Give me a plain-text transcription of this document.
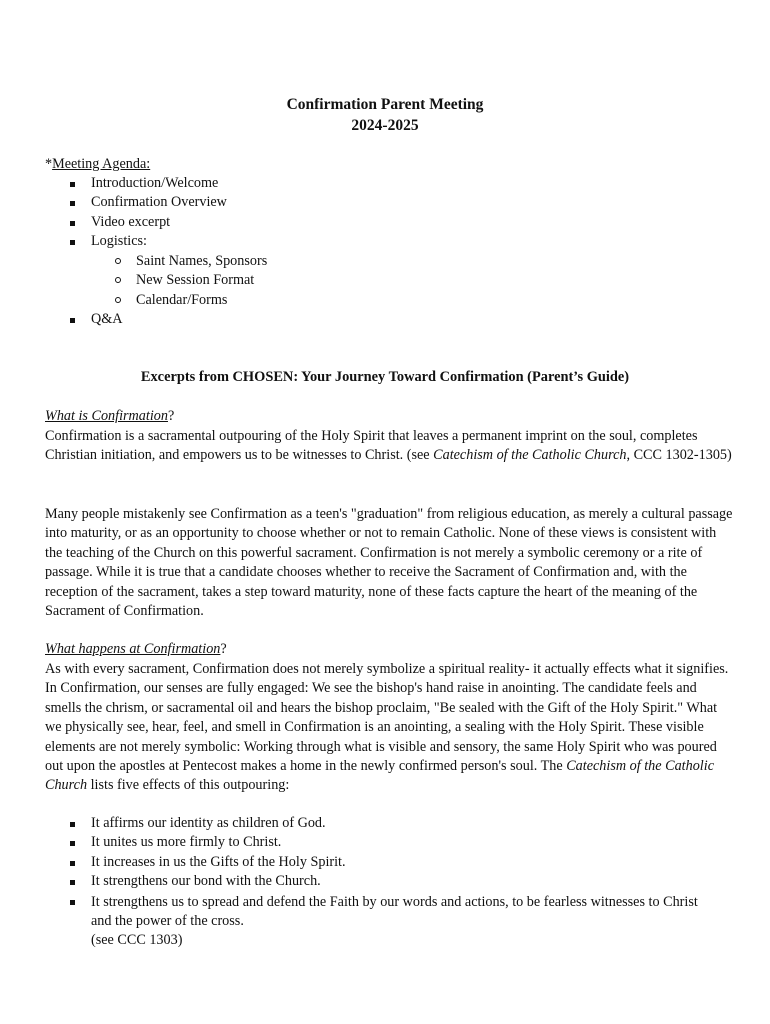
Confirmation Parent Meeting
2024-2025
*Meeting Agenda:
Introduction/Welcome
Confirmation Overview
Video excerpt
Logistics:
Saint Names, Sponsors
New Session Format
Calendar/Forms
Q&A
Excerpts from CHOSEN: Your Journey Toward Confirmation (Parent’s Guide)
What is Confirmation?
Confirmation is a sacramental outpouring of the Holy Spirit that leaves a permanent imprint on the soul, completes Christian initiation, and empowers us to be witnesses to Christ. (see Catechism of the Catholic Church, CCC 1302-1305)
Many people mistakenly see Confirmation as a teen's "graduation" from religious education, as merely a cultural passage into maturity, or as an opportunity to choose whether or not to remain Catholic. None of these views is consistent with the teaching of the Church on this powerful sacrament. Confirmation is not merely a symbolic ceremony or a rite of passage. While it is true that a candidate chooses whether to receive the Sacrament of Confirmation and, with the reception of the sacrament, takes a step toward maturity, none of these facts capture the heart of the meaning of the Sacrament of Confirmation.
What happens at Confirmation?
As with every sacrament, Confirmation does not merely symbolize a spiritual reality- it actually effects what it signifies. In Confirmation, our senses are fully engaged: We see the bishop's hand raise in anointing. The candidate feels and smells the chrism, or sacramental oil and hears the bishop proclaim, "Be sealed with the Gift of the Holy Spirit." What we physically see, hear, feel, and smell in Confirmation is an anointing, a sealing with the Holy Spirit. These visible elements are not merely symbolic: Working through what is visible and sensory, the same Holy Spirit who was poured out upon the apostles at Pentecost makes a home in the newly confirmed person's soul. The Catechism of the Catholic Church lists five effects of this outpouring:
It affirms our identity as children of God.
It unites us more firmly to Christ.
It increases in us the Gifts of the Holy Spirit.
It strengthens our bond with the Church.
It strengthens us to spread and defend the Faith by our words and actions, to be fearless witnesses to Christ and the power of the cross.
(see CCC 1303)
